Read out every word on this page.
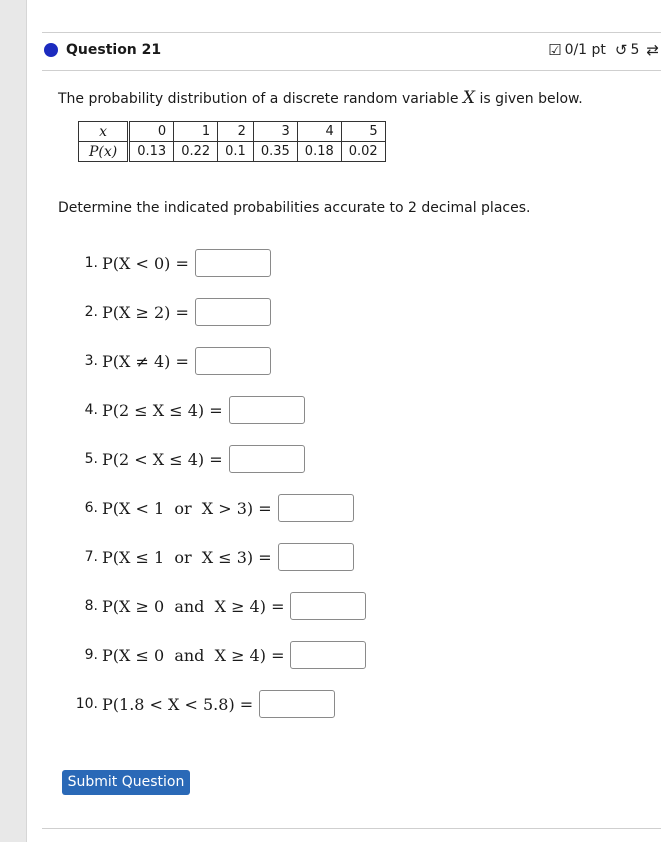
Question 21	☑ 0/1 pt ↺ 5 ⇄
The probability distribution of a discrete random variable X is given below.
x	0	1	2	3	4	5
P(x)	0.13	0.22	0.1	0.35	0.18	0.02
Determine the indicated probabilities accurate to 2 decimal places.
1. P(X < 0) =
2. P(X ≥ 2) =
3. P(X ≠ 4) =
4. P(2 ≤ X ≤ 4) =
5. P(2 < X ≤ 4) =
6. P(X < 1  or  X > 3) =
7. P(X ≤ 1  or  X ≤ 3) =
8. P(X ≥ 0  and  X ≥ 4) =
9. P(X ≤ 0  and  X ≥ 4) =
10. P(1.8 < X < 5.8) =
Submit Question
